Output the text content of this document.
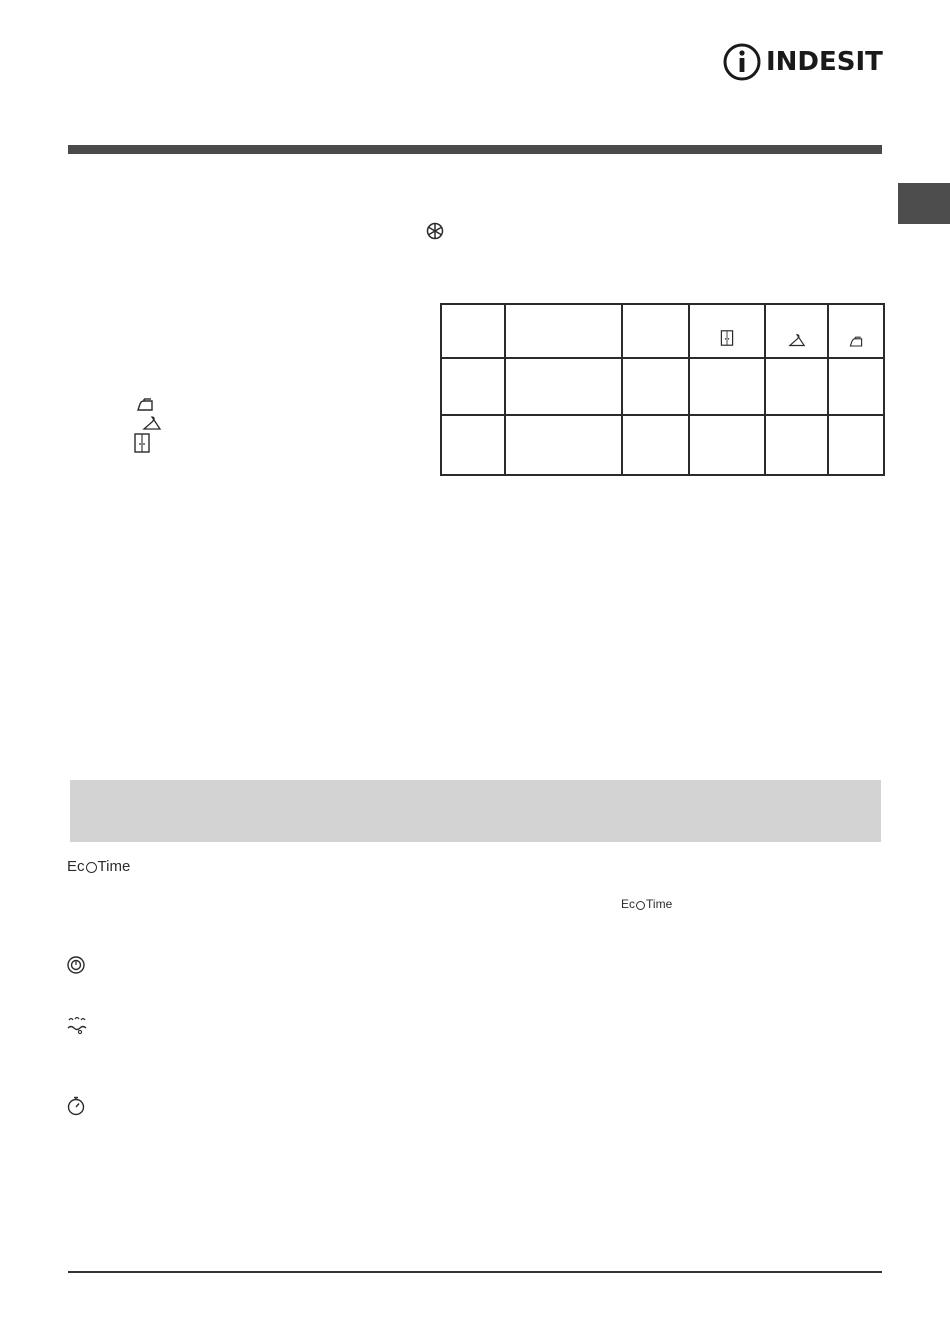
INDESIT

Ec Time
Ec Time
